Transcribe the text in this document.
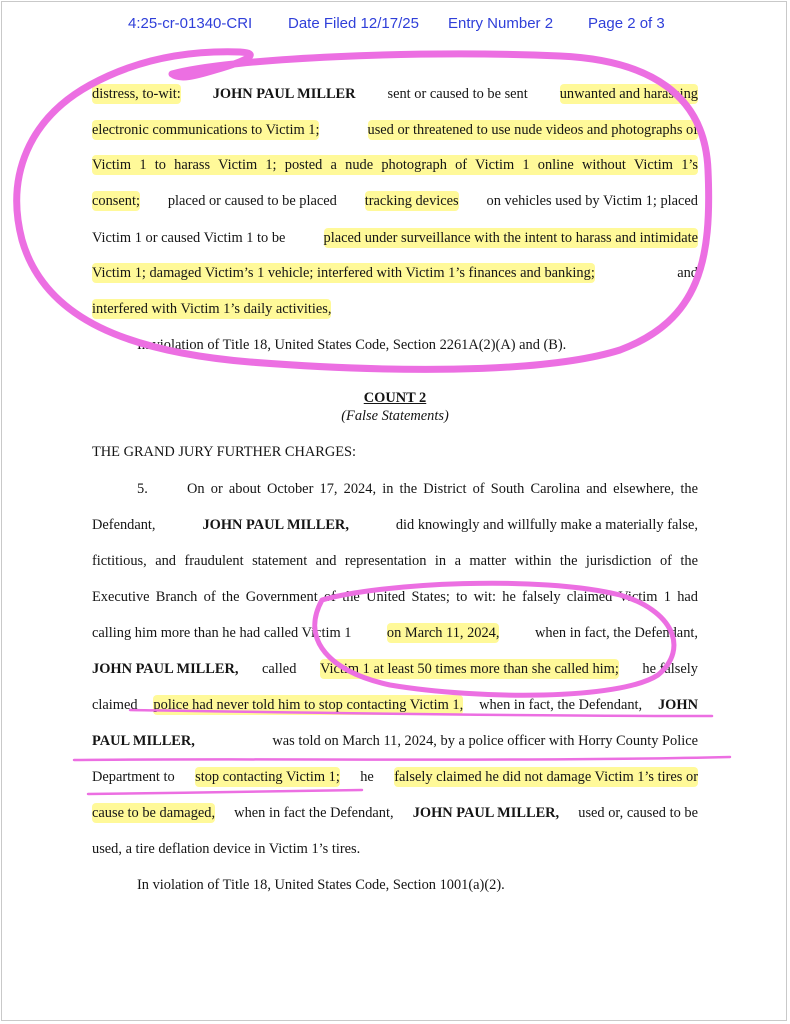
4:25-cr-01340-CRI Date Filed 12/17/25 Entry Number 2 Page 2 of 3
distress, to-wit: JOHN PAUL MILLER sent or caused to be sent unwanted and harassing
electronic communications to Victim 1;	used or threatened to use nude videos and photographs of
Victim 1 to harass Victim 1; posted a nude photograph of Victim 1 online without Victim 1’s
consent; placed or caused to be placed tracking devices on vehicles used by Victim 1; placed
Victim 1 or caused Victim 1 to be	placed under surveillance with the intent to harass and intimidate
Victim 1; damaged Victim’s 1 vehicle; interfered with Victim 1’s finances and banking;	and
interfered with Victim 1’s daily activities,
In violation of Title 18, United States Code, Section 2261A(2)(A) and (B).
COUNT 2
(False Statements)
THE GRAND JURY FURTHER CHARGES:
5.	On or about October 17, 2024, in the District of South Carolina and elsewhere, the
Defendant,	JOHN PAUL MILLER,	did knowingly and willfully make a materially false,
fictitious, and fraudulent statement and representation in a matter within the jurisdiction of the
Executive Branch of the Government of the United States; to wit: he falsely claimed Victim 1 had
calling him more than he had called Victim 1 on March 11, 2024, when in fact, the Defendant,
JOHN PAUL MILLER, called Victim 1 at least 50 times more than she called him; he falsely
claimed police had never told him to stop contacting Victim 1, when in fact, the Defendant, JOHN
PAUL MILLER,	was told on March 11, 2024, by a police officer with Horry County Police
Department to stop contacting Victim 1; he falsely claimed he did not damage Victim 1’s tires or
cause to be damaged, when in fact the Defendant, JOHN PAUL MILLER, used or, caused to be
used, a tire deflation device in Victim 1’s tires.
In violation of Title 18, United States Code, Section 1001(a)(2).
